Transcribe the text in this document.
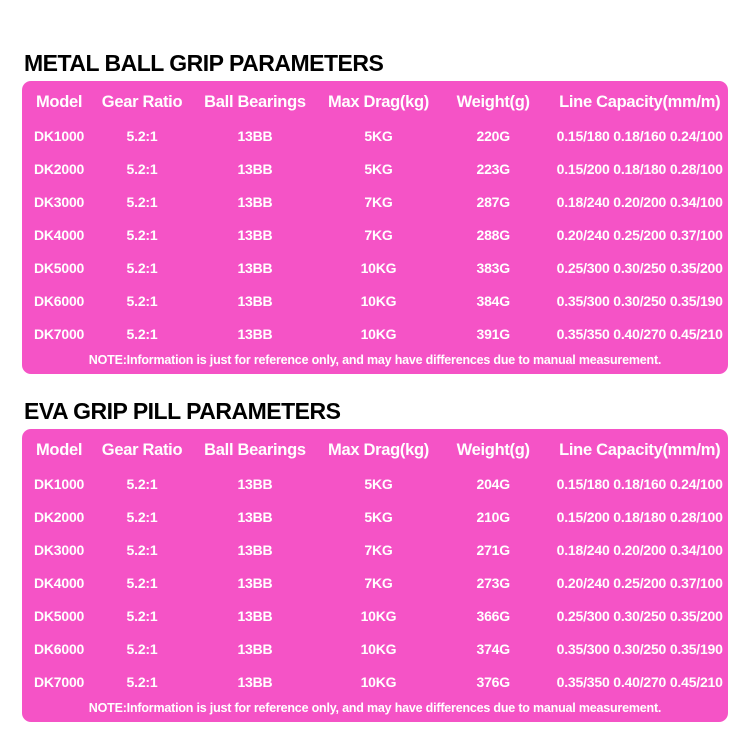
METAL BALL GRIP PARAMETERS
Model	Gear Ratio	Ball Bearings	Max Drag(kg)	Weight(g)	Line Capacity(mm/m)
DK1000	5.2:1	13BB	5KG	220G	0.15/180 0.18/160 0.24/100
DK2000	5.2:1	13BB	5KG	223G	0.15/200 0.18/180 0.28/100
DK3000	5.2:1	13BB	7KG	287G	0.18/240 0.20/200 0.34/100
DK4000	5.2:1	13BB	7KG	288G	0.20/240 0.25/200 0.37/100
DK5000	5.2:1	13BB	10KG	383G	0.25/300 0.30/250 0.35/200
DK6000	5.2:1	13BB	10KG	384G	0.35/300 0.30/250 0.35/190
DK7000	5.2:1	13BB	10KG	391G	0.35/350 0.40/270 0.45/210
NOTE:Information is just for reference only, and may have differences due to manual measurement.
EVA GRIP PILL PARAMETERS
Model	Gear Ratio	Ball Bearings	Max Drag(kg)	Weight(g)	Line Capacity(mm/m)
DK1000	5.2:1	13BB	5KG	204G	0.15/180 0.18/160 0.24/100
DK2000	5.2:1	13BB	5KG	210G	0.15/200 0.18/180 0.28/100
DK3000	5.2:1	13BB	7KG	271G	0.18/240 0.20/200 0.34/100
DK4000	5.2:1	13BB	7KG	273G	0.20/240 0.25/200 0.37/100
DK5000	5.2:1	13BB	10KG	366G	0.25/300 0.30/250 0.35/200
DK6000	5.2:1	13BB	10KG	374G	0.35/300 0.30/250 0.35/190
DK7000	5.2:1	13BB	10KG	376G	0.35/350 0.40/270 0.45/210
NOTE:Information is just for reference only, and may have differences due to manual measurement.
